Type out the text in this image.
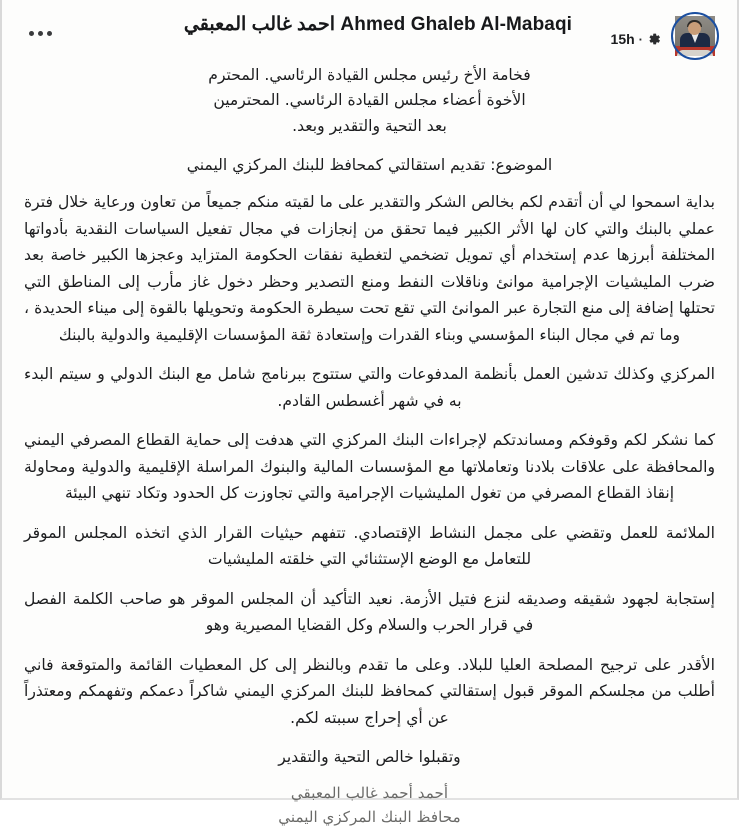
Ahmed Ghaleb Al-Mabaqi احمد غالب المعبقي
15h ·

فخامة الأخ رئيس مجلس القيادة الرئاسي. المحترم

الأخوة أعضاء مجلس القيادة الرئاسي. المحترمين

بعد التحية والتقدير وبعد.

الموضوع: تقديم استقالتي كمحافظ للبنك المركزي اليمني

بداية اسمحوا لي أن أتقدم لكم بخالص الشكر والتقدير على ما لقيته منكم جميعاً من تعاون ورعاية خلال فترة عملي بالبنك والتي كان لها الأثر الكبير فيما تحقق من إنجازات في مجال تفعيل السياسات النقدية بأدواتها المختلفة أبرزها عدم إستخدام أي تمويل تضخمي لتغطية نفقات الحكومة المتزايد وعجزها الكبير خاصة بعد ضرب المليشيات الإجرامية موانئ وناقلات النفط ومنع التصدير وحظر دخول غاز مأرب إلى المناطق التي تحتلها إضافة إلى منع التجارة عبر الموانئ التي تقع تحت سيطرة الحكومة وتحويلها بالقوة إلى ميناء الحديدة ، وما تم في مجال البناء المؤسسي وبناء القدرات وإستعادة ثقة المؤسسات الإقليمية والدولية بالبنك

المركزي وكذلك تدشين العمل بأنظمة المدفوعات والتي ستتوج ببرنامج شامل مع البنك الدولي و سيتم البدء به في شهر أغسطس القادم.

كما نشكر لكم وقوفكم ومساندتكم لإجراءات البنك المركزي التي هدفت إلى حماية القطاع المصرفي اليمني والمحافظة على علاقات بلادنا وتعاملاتها مع المؤسسات المالية والبنوك المراسلة الإقليمية والدولية ومحاولة إنقاذ القطاع المصرفي من تغول المليشيات الإجرامية والتي تجاوزت كل الحدود وتكاد تنهي البيئة

الملائمة للعمل وتقضي على مجمل النشاط الإقتصادي. تتفهم حيثيات القرار الذي اتخذه المجلس الموقر للتعامل مع الوضع الإستثنائي التي خلقته المليشيات

إستجابة لجهود شقيقه وصديقه لنزع فتيل الأزمة. نعيد التأكيد أن المجلس الموقر هو صاحب الكلمة الفصل في قرار الحرب والسلام وكل القضايا المصيرية وهو

الأقدر على ترجيح المصلحة العليا للبلاد. وعلى ما تقدم وبالنظر إلى كل المعطيات القائمة والمتوقعة فاني أطلب من مجلسكم الموقر قبول إستقالتي كمحافظ للبنك المركزي اليمني شاكراً دعمكم وتفهمكم ومعتذراً عن أي إحراج سببته لكم.

وتقبلوا خالص التحية والتقدير

أحمد أحمد غالب المعبقي
محافظ البنك المركزي اليمني
